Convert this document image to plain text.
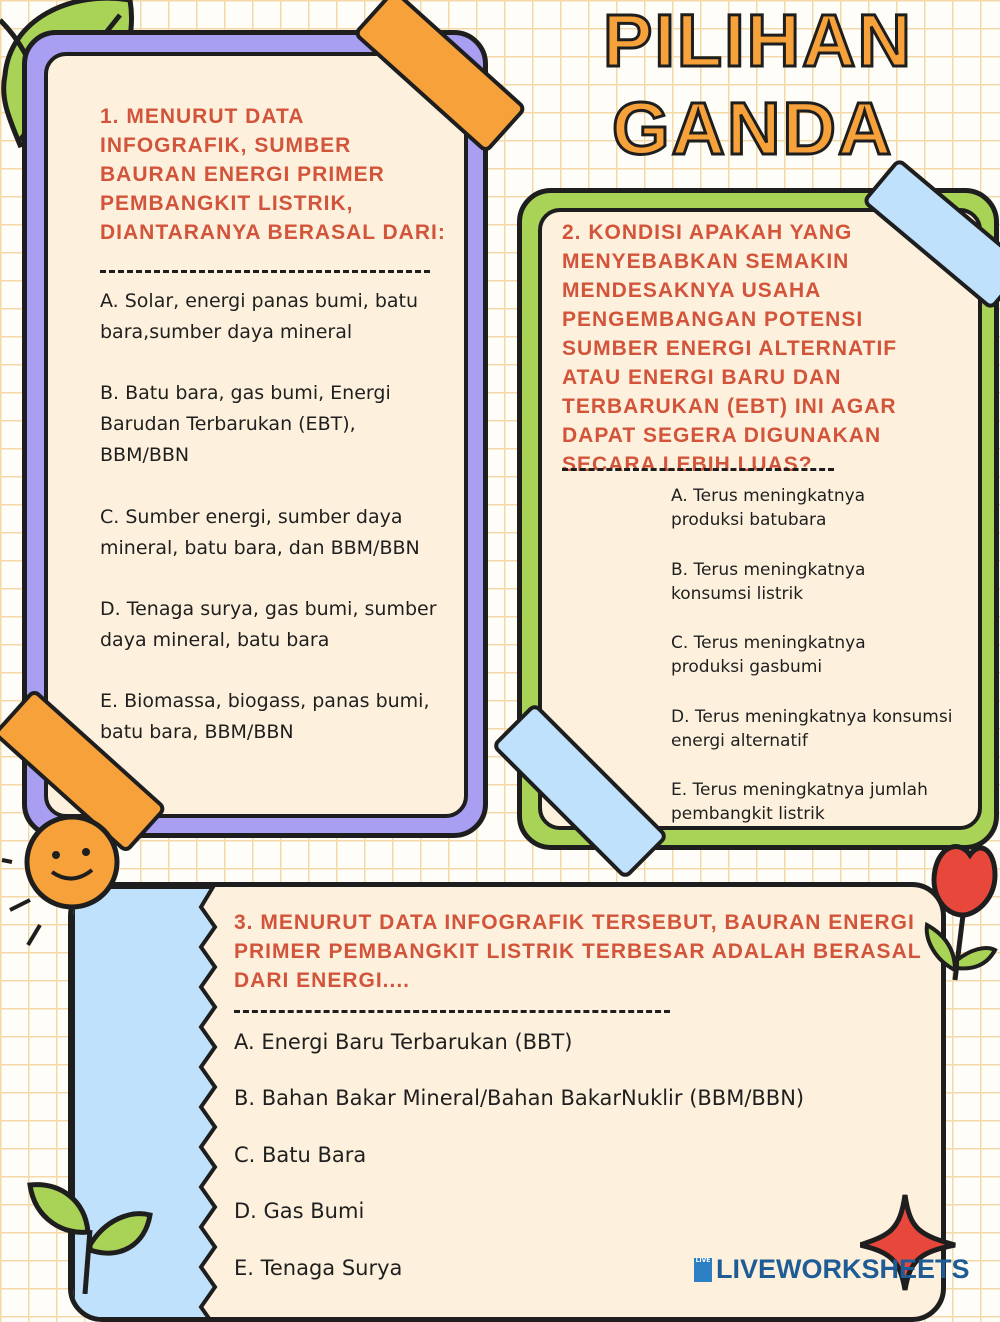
PILIHAN
GANDA
1. MENURUT DATA INFOGRAFIK, SUMBER BAURAN ENERGI PRIMER PEMBANGKIT LISTRIK, DIANTARANYA BERASAL DARI:
A. Solar, energi panas bumi, batu bara,sumber daya mineral
B. Batu bara, gas bumi, Energi Barudan Terbarukan (EBT), BBM/BBN
C. Sumber energi, sumber daya mineral, batu bara, dan BBM/BBN
D. Tenaga surya, gas bumi, sumber daya mineral, batu bara
E. Biomassa, biogass, panas bumi, batu bara, BBM/BBN
2. KONDISI APAKAH YANG MENYEBABKAN SEMAKIN MENDESAKNYA USAHA PENGEMBANGAN POTENSI SUMBER ENERGI ALTERNATIF ATAU ENERGI BARU DAN TERBARUKAN (EBT) INI AGAR DAPAT SEGERA DIGUNAKAN SECARA LEBIH LUAS?
A. Terus meningkatnya produksi batubara
B. Terus meningkatnya konsumsi listrik
C. Terus meningkatnya produksi gasbumi
D. Terus meningkatnya konsumsi energi alternatif
E. Terus meningkatnya jumlah pembangkit listrik
3. MENURUT DATA INFOGRAFIK TERSEBUT, BAURAN ENERGI PRIMER PEMBANGKIT LISTRIK TERBESAR ADALAH BERASAL DARI ENERGI....
A. Energi Baru Terbarukan (BBT)
B. Bahan Bakar Mineral/Bahan BakarNuklir (BBM/BBN)
C. Batu Bara
D. Gas Bumi
E. Tenaga Surya	LIVE LIVEWORKSHEETS
